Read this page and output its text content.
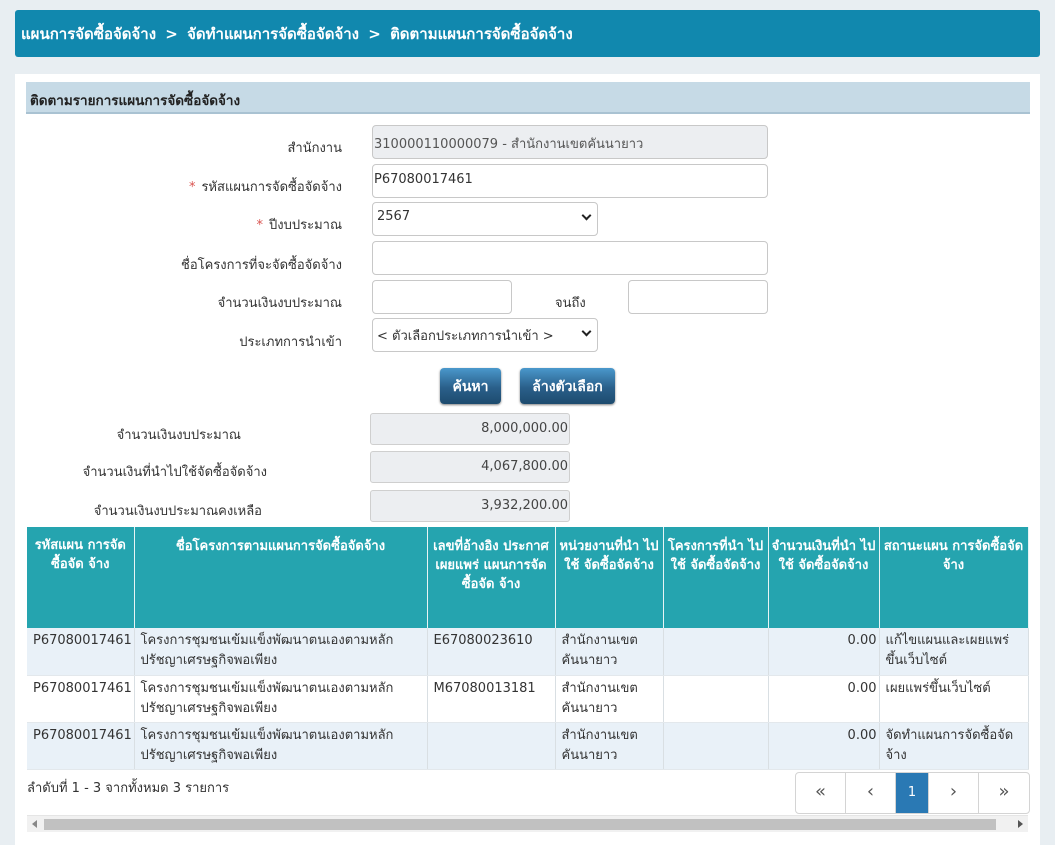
แผนการจัดซื้อจัดจ้าง > จัดทำแผนการจัดซื้อจัดจ้าง > ติดตามแผนการจัดซื้อจัดจ้าง
ติดตามรายการแผนการจัดซื้อจัดจ้าง
สำนักงาน 310000110000079 - สำนักงานเขตคันนายาว
* รหัสแผนการจัดซื้อจัดจ้าง
P67080017461
* ปีงบประมาณ
2567
ชื่อโครงการที่จะจัดซื้อจัดจ้าง
จำนวนเงินงบประมาณ	จนถึง
ประเภทการนำเข้า	< ตัวเลือกประเภทการนำเข้า >
ค้นหา	ล้างตัวเลือก
จำนวนเงินงบประมาณ	8,000,000.00
จำนวนเงินที่นำไปใช้จัดซื้อจัดจ้าง	4,067,800.00
จำนวนเงินงบประมาณคงเหลือ	3,932,200.00
รหัสแผน การจัดซื้อจัด จ้าง	ชื่อโครงการตามแผนการจัดซื้อจัดจ้าง	เลขที่อ้างอิง ประกาศเผยแพร่ แผนการจัดซื้อจัด จ้าง	หน่วยงานที่นำ ไปใช้ จัดซื้อจัดจ้าง	โครงการที่นำ ไปใช้ จัดซื้อจัดจ้าง	จำนวนเงินที่นำ ไปใช้ จัดซื้อจัดจ้าง	สถานะแผน การจัดซื้อจัดจ้าง
P67080017461	โครงการชุมชนเข้มแข็งพัฒนาตนเองตามหลักปรัชญาเศรษฐกิจพอเพียง	E67080023610	สำนักงานเขตคันนายาว		0.00	แก้ไขแผนและเผยแพร่ขึ้นเว็บไซต์
P67080017461	โครงการชุมชนเข้มแข็งพัฒนาตนเองตามหลักปรัชญาเศรษฐกิจพอเพียง	M67080013181	สำนักงานเขตคันนายาว		0.00	เผยแพร่ขึ้นเว็บไซต์
P67080017461	โครงการชุมชนเข้มแข็งพัฒนาตนเองตามหลักปรัชญาเศรษฐกิจพอเพียง		สำนักงานเขตคันนายาว		0.00	จัดทำแผนการจัดซื้อจัดจ้าง
ลำดับที่ 1 - 3 จากทั้งหมด 3 รายการ	«	‹	1	›	»
